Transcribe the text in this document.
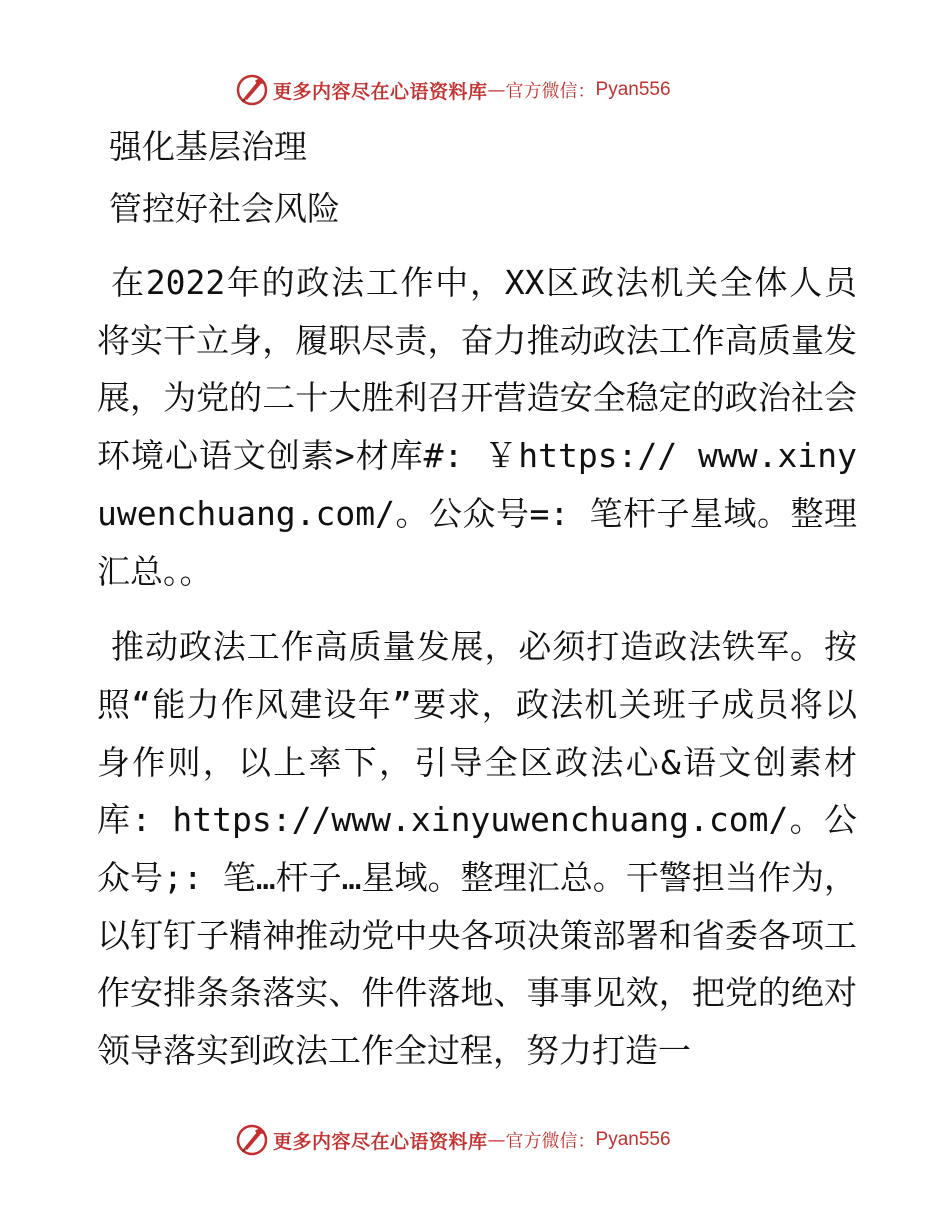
更多内容尽在心语资料库 — 官方微信： Pyan556

强化基层治理

管控好社会风险

在2022年的政法工作中，XX区政法机关全体人员将实干立身，履职尽责，奋力推动政法工作高质量发展，为党的二十大胜利召开营造安全稳定的政治社会环境心语文创素>材库#: ￥https:// www.xinyuwenchuang.com/。公众号=: 笔杆子星域。整理汇总。。

推动政法工作高质量发展，必须打造政法铁军。按照“能力作风建设年”要求，政法机关班子成员将以身作则，以上率下，引导全区政法心&语文创素材库: https://www.xinyuwenchuang.com/。公众号;: 笔…杆子…星域。整理汇总。干警担当作为，以钉钉子精神推动党中央各项决策部署和省委各项工作安排条条落实、件件落地、事事见效，把党的绝对领导落实到政法工作全过程，努力打造一

更多内容尽在心语资料库 — 官方微信： Pyan556
